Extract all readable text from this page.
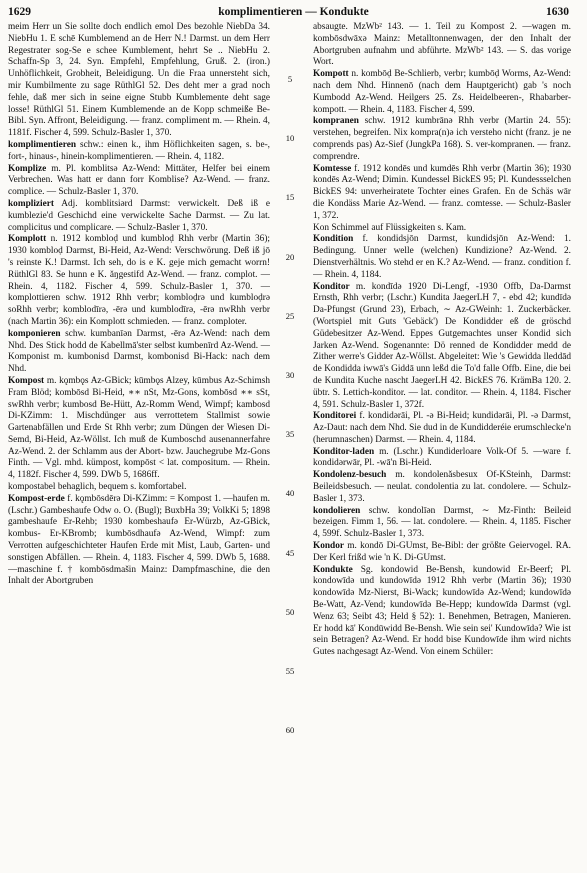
1629	komplimentieren — Kondukte	1630

meim Herr un Sie sollte doch endlich emol Des bezohle NiebDa 34. NiebHu 1. E schē Kumblemend an de Herr N.! Darmst. un dem Herr Regestrater sog-Se e schee Kumblement, hehrt Se .. NiebHu 2. Schaffn-Sp 3, 24. Syn. Empfehl, Empfehlung, Gruß. 2. (iron.) Unhöflichkeit, Grobheit, Beleidigung. Un die Fraa unnersteht sich, mir Kumbilmente zu sage RüthlGl 52. Des deht mer a grad noch fehle, daß mer sich in seine eigne Stubb Kumblemente deht sage losse! RüthlGl 51. Einem Kumblemende an de Kopp schmeiße Be-Bibl. Syn. Affront, Beleidigung. — franz. compliment m. — Rhein. 4, 1181f. Fischer 4, 599. Schulz-Basler 1, 370.

komplimentieren schw.: einen k., ihm Höflichkeiten sagen, s. be-, fort-, hinaus-, hinein-komplimentieren. — Rhein. 4, 1182.

Komplize m. Pl. komblitsə Az-Wend: Mittäter, Helfer bei einem Verbrechen. Was hatt er dann forr Komblise? Az-Wend. — franz. complice. — Schulz-Basler 1, 370.

kompliziert Adj. komblitsiərd Darmst: verwickelt. Deß iß e kumblezie'd Geschichd eine verwickelte Sache Darmst. — Zu lat. complicitus und complicare. — Schulz-Basler 1, 370.

Komplott n. 1912 kombloḍ und kumbloḍ Rhh verbr (Martin 36); 1930 kombloḍ Darmst, Bi-Heid, Az-Wend: Verschwörung. Deß iß jō 's reinste K.! Darmst. Ich seh, do is e K. geje mich gemacht worrn! RüthlGl 83. Se hunn e K. ăŋgestifd Az-Wend. — franz. complot. — Rhein. 4, 1182. Fischer 4, 599. Schulz-Basler 1, 370. — komplottieren schw. 1912 Rhh verbr; kombloḍrə und kumbloḍrə soRhh verbr; komblodīrə, -ērə und kumblodīrə, -ērə nwRhh verbr (nach Martin 36): ein Komplott schmieden. — franz. comploter.

komponieren schw. kumbanīən Darmst, -ērə Az-Wend: nach dem Nhd. Des Stick hodd de Kabellmā'ster selbst kumbenīrd Az-Wend. — Komponist m. kumbonisd Darmst, kombonisd Bi-Hack: nach dem Nhd.

Kompost m. kǫmbǫs Az-GBick; kūmbǫs Alzey, kūmbus Az-Schimsh Fram Blöd; kombōsd Bi-Heid, ∗∗ nSt, Mz-Gons, kombōsd ∗∗ sSt, swRhh verbr; kumbosd Be-Hütt, Az-Romm Wend, Wimpf; kambosd Di-KZimm: 1. Mischdünger aus verrottetem Stallmist sowie Gartenabfällen und Erde St Rhh verbr; zum Düngen der Wiesen Di-Semd, Bi-Heid, Az-Wöllst. Ich muß de Kumboschd ausenannerfahre Az-Wend. 2. der Schlamm aus der Abort- bzw. Jauchegrube Mz-Gons Finth. — Vgl. mhd. kümpost, kompōst < lat. compositum. — Rhein. 4, 1182f. Fischer 4, 599. DWb 5, 1686ff.

kompostabel behaglich, bequem s. komfortabel.

Kompost-erde f. kǫmbōsdērə Di-KZimm: = Kompost 1. —haufen m. (Lschr.) Gambeshaufe Odw o. O. (Bugl); BuxbHa 39; VolkKi 5; 1898 gambeshaufe Er-Rehb; 1930 kombeshaufə Er-Würzb, Az-GBick, kombus- Er-KBromb; kumbōsdhaufə Az-Wend, Wimpf: zum Verrotten aufgeschichteter Haufen Erde mit Mist, Laub, Garten- und sonstigen Abfällen. — Rhein. 4, 1183. Fischer 4, 599. DWb 5, 1688. —maschine f. † kombōsdmašin Mainz: Dampfmaschine, die den Inhalt der Abortgruben

5
10
15
20
25
30
35
40
45
50
55
60

absaugte. MzWb² 143. — 1. Teil zu Kompost 2. —wagen m. kombōsdwāxə Mainz: Metalltonnenwagen, der den Inhalt der Abortgruben aufnahm und abführte. MzWb² 143. — S. das vorige Wort.

Kompott n. kombōḍ Be-Schlierb, verbr; kumbōḍ Worms, Az-Wend: nach dem Nhd. Hinnenō (nach dem Hauptgericht) gab 's noch Kumbodd Az-Wend. Heilgers 25. Zs. Heidelbeeren-, Rhabarber-kompott. — Rhein. 4, 1183. Fischer 4, 599.

kompranen schw. 1912 kumbrānə Rhh verbr (Martin 24. 55): verstehen, begreifen. Nix kompra(n)ə ich versteho nicht (franz. je ne comprends pas) Az-Sief (JungkPa 168). S. ver-kompranen. — franz. comprendre.

Komtesse f. 1912 kondēs und kumdēs Rhh verbr (Martin 36); 1930 kondēs Az-Wend; Dimin. Kundessel BickES 95; Pl. Kundessselchen BickES 94: unverheiratete Tochter eines Grafen. En de Schäs wār die Kondäss Marie Az-Wend. — franz. comtesse. — Schulz-Basler 1, 372.

Kon Schimmel auf Flüssigkeiten s. Kam.

Kondition f. kondidsjōn Darmst, kundidsjōn Az-Wend: 1. Bedingung. Unner welle (welchen) Kundizione? Az-Wend. 2. Dienstverhältnis. Wo stehd er en K.? Az-Wend. — franz. condition f. — Rhein. 4, 1184.

Konditor m. kondīdə 1920 Di-Lengf, -1930 Offb, Da-Darmst Ernsth, Rhh verbr; (Lschr.) Kundita JaegerLH 7, - ebd 42; kundīdə Da-Pfungst (Grund 23), Erbach, ∼ Az-GWeinh: 1. Zuckerbäcker. (Wortspiel mit Guts 'Gebäck') De Kondidder eß de gröschd Güdebesitzer Az-Wend. Eppes Gutgemachtes unser Kondid sich Jarken Az-Wend. Sogenannte: Dö renned de Kondidder medd de Zither werre's Gidder Az-Wöllst. Abgeleitet: Wie 's Gewidda lleddād de Kondidda iwwā's Giddā unn leßd die To'd falle Offb. Eine, die bei de Kundita Kuche nascht JaegerLH 42. BickES 76. KrämBa 120. 2. übtr. S. Lettich-konditor. — lat. conditor. — Rhein. 4, 1184. Fischer 4, 591. Schulz-Basler 1, 372f.

Konditorei f. kondidərāi, Pl. -ə Bi-Heid; kundidərāi, Pl. -ə Darmst, Az-Daut: nach dem Nhd. Sie dud in de Kundidderéie erumschlecke'n (herumnaschen) Darmst. — Rhein. 4, 1184.

Konditor-laden m. (Lschr.) Kundiderloare Volk-Of 5. —ware f. kondidərwār, Pl. -wā'n Bi-Heid.

Kondolenz-besuch m. kondolenǎsbesux Of-KSteinh, Darmst: Beileidsbesuch. — neulat. condolentia zu lat. condolere. — Schulz-Basler 1, 373.

kondolieren schw. kondolīən Darmst, ∼ Mz-Finth: Beileid bezeigen. Fimm 1, 56. — lat. condolere. — Rhein. 4, 1185. Fischer 4, 599f. Schulz-Basler 1, 373.

Kondor m. kondō Di-GUmst, Be-Bibl: der größte Geiervogel. RA. Der Kerl frißd wie 'n K. Di-GUmst.

Kondukte Sg. kondowid Be-Bensh, kundowid Er-Beerf; Pl. kondowīdə und kundowīdə 1912 Rhh verbr (Martin 36); 1930 kondowīdə Mz-Nierst, Bi-Wack; kundowīdə Az-Wend; kundowīdə Be-Watt, Az-Vend; kundowīdə Be-Hepp; kundowīdə Darmst (vgl. Wenz 63; Seibt 43; Held § 52): 1. Benehmen, Betragen, Manieren. Er hodd kā' Kondūwidd Be-Bensh. Wie sein sei' Kundowīdə? Wie ist sein Betragen? Az-Wend. Er hodd bise Kundowīde ihm wird nichts Gutes nachgesagt Az-Wend. Von einem Schüler:
